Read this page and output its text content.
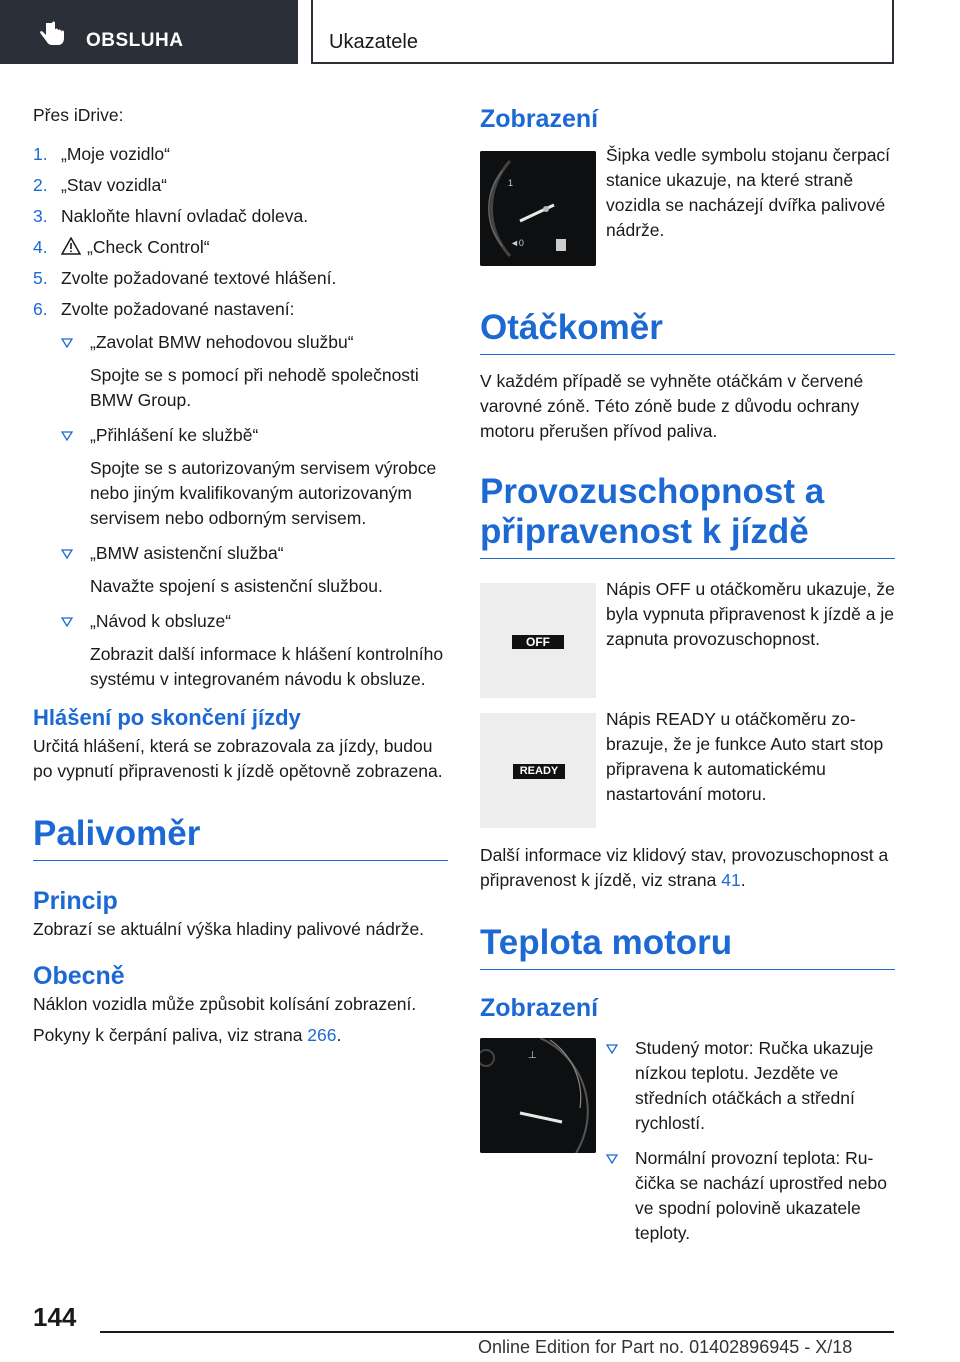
OBSLUHA	Ukazatele

Přes iDrive:

1. „Moje vozidlo“
2. „Stav vozidla“
3. Nakloňte hlavní ovladač doleva.
4. „Check Control“
5. Zvolte požadované textové hlášení.
6. Zvolte požadované nastavení:
„Zavolat BMW nehodovou službu“
Spojte se s pomocí při nehodě společnosti BMW Group.
„Přihlášení ke službě“
Spojte se s autorizovaným servisem výrobce nebo jiným kvalifikovaným autorizovaným servisem nebo odborným servisem.
„BMW asistenční služba“
Navažte spojení s asistenční službou.
„Návod k obsluze“
Zobrazit další informace k hlášení kontrolního systému v integrovaném návodu k obsluze.
Hlášení po skončení jízdy

Určitá hlášení, která se zobrazovala za jízdy, budou po vypnutí připravenosti k jízdě opětovně zobrazena.

Palivoměr
Princip

Zobrazí se aktuální výška hladiny palivové nádrže.

Obecně

Náklon vozidla může způsobit kolísání zobrazení.

Pokyny k čerpání paliva, viz strana 266.

Zobrazení
1
◄0

Šipka vedle symbolu stojanu čerpací stanice ukazuje, na které straně vozidla se nacházejí dvířka palivové nádrže.

Otáčkoměr

V každém případě se vyhněte otáčkám v červené varovné zóně. Této zóně bude z důvodu ochrany motoru přerušen přívod paliva.

Provozuschopnost a připravenost k jízdě
OFF

Nápis OFF u otáčkoměru ukazuje, že byla vypnuta připravenost k jízdě a je zapnuta provozuschopnost.

READY

Nápis READY u otáčkoměru zobrazuje, že je funkce Auto start stop připravena k automatickému nastartování motoru.

Další informace viz klidový stav, provozuschopnost a připravenost k jízdě, viz strana 41.

Teplota motoru
Zobrazení
⊥	Studený motor: Ručka ukazuje nízkou teplotu. Jezděte ve středních otáčkách a střední rychlostí.
Normální provozní teplota: Ručička se nachází uprostřed nebo ve spodní polovině ukazatele teploty.
144
Online Edition for Part no. 01402896945 - X/18
